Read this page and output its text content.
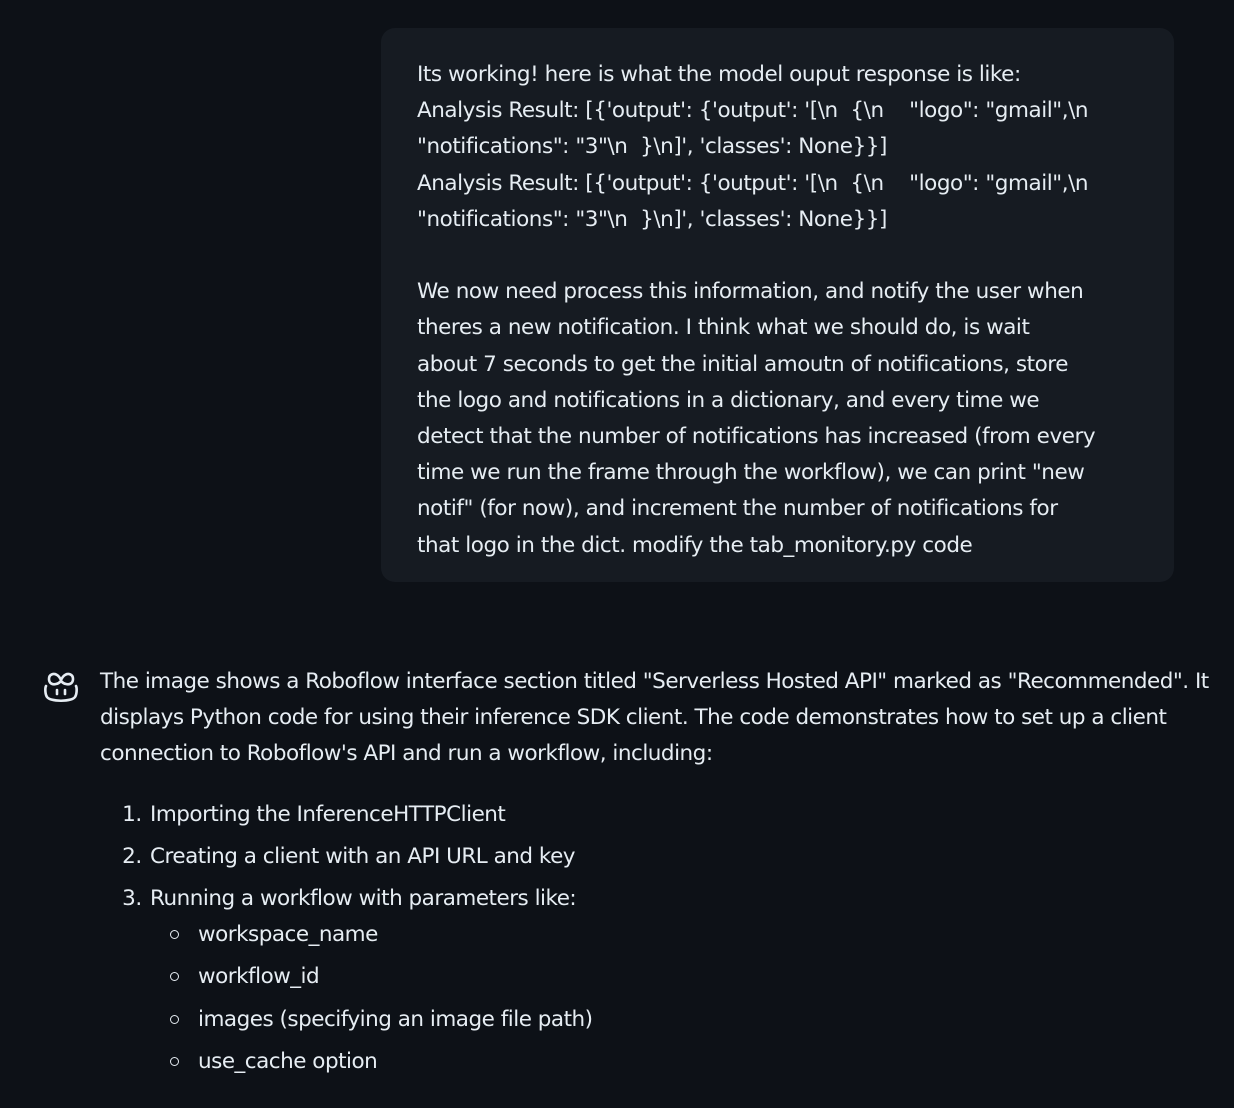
Its working! here is what the model ouput response is like:
Analysis Result: [{'output': {'output': '[\n  {\n    "logo": "gmail",\n
"notifications": "3"\n  }\n]', 'classes': None}}]
Analysis Result: [{'output': {'output': '[\n  {\n    "logo": "gmail",\n
"notifications": "3"\n  }\n]', 'classes': None}}]

We now need process this information, and notify the user when
theres a new notification. I think what we should do, is wait
about 7 seconds to get the initial amoutn of notifications, store
the logo and notifications in a dictionary, and every time we
detect that the number of notifications has increased (from every
time we run the frame through the workflow), we can print "new
notif" (for now), and increment the number of notifications for
that logo in the dict. modify the tab_monitory.py code

The image shows a Roboflow interface section titled "Serverless Hosted API" marked as "Recommended". It displays Python code for using their inference SDK client. The code demonstrates how to set up a client connection to Roboflow's API and run a workflow, including:

1. Importing the InferenceHTTPClient
2. Creating a client with an API URL and key
3. Running a workflow with parameters like:
workspace_name
workflow_id
images (specifying an image file path)
use_cache option
